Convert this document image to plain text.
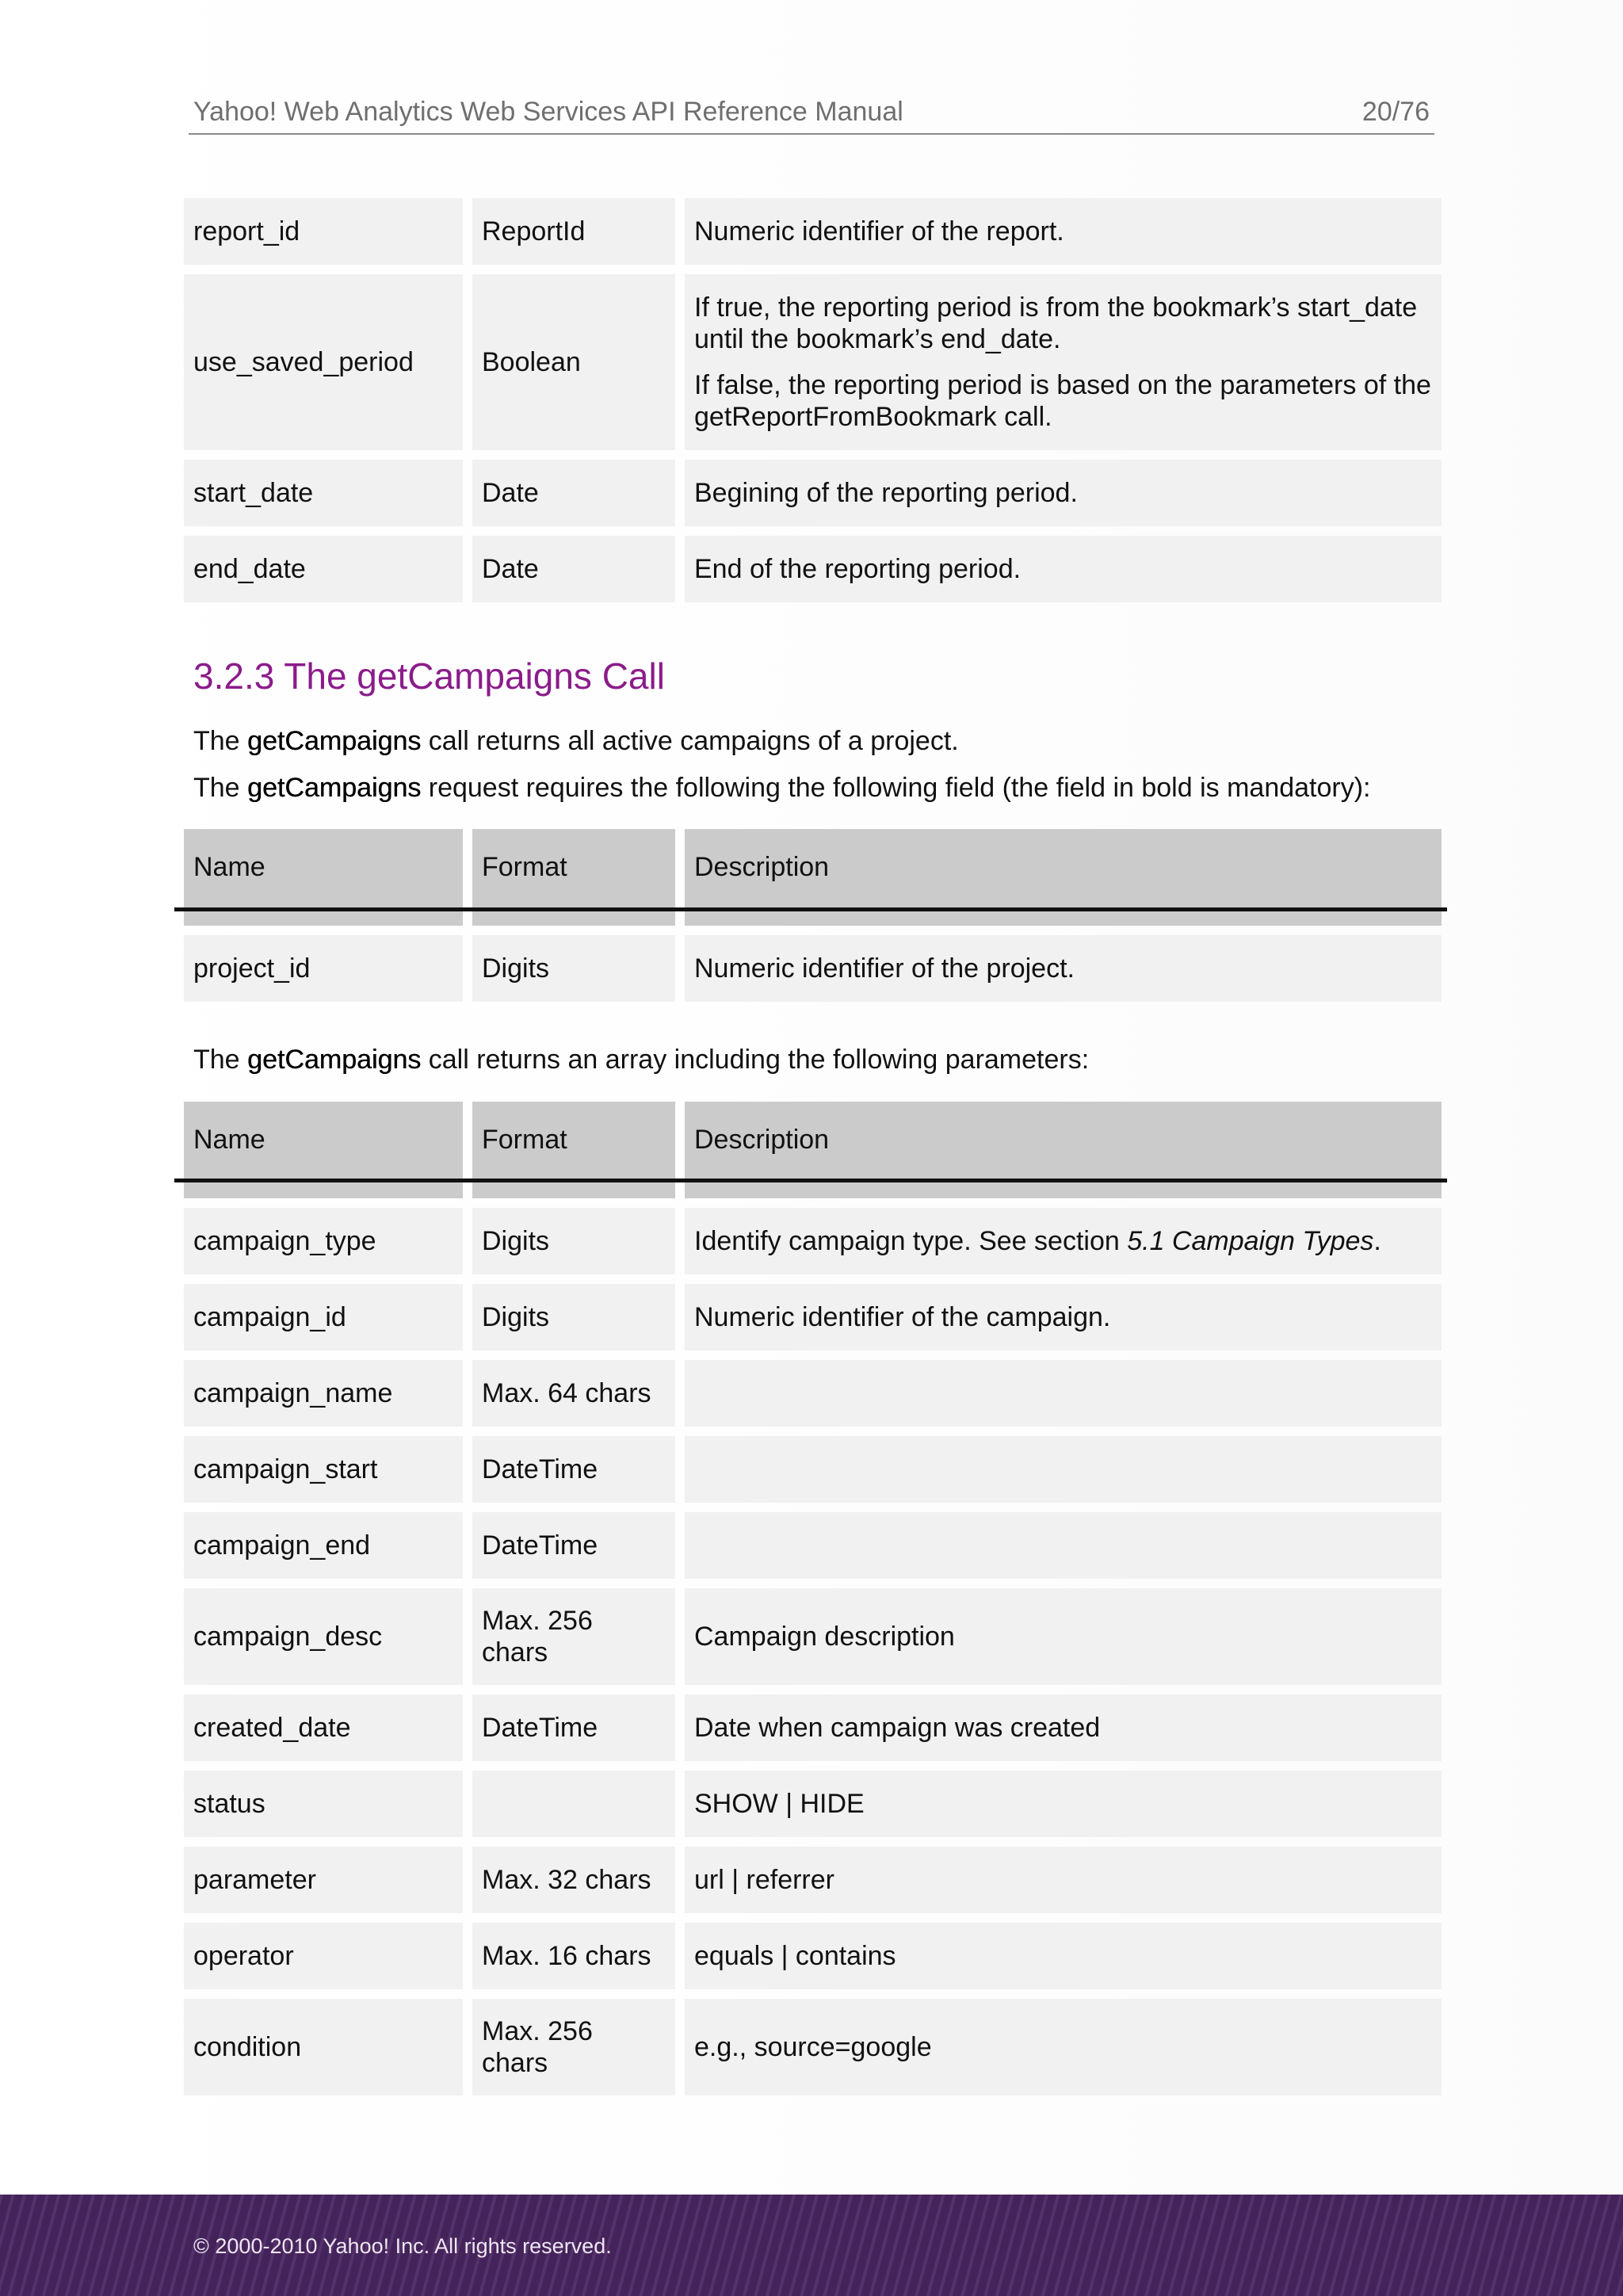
Yahoo! Web Analytics Web Services API Reference Manual	20/76
report_id	ReportId	Numeric identifier of the report.

use_saved_period	Boolean	If true, the reporting period is from the bookmark’s start_date until the bookmark’s end_date.

If false, the reporting period is based on the parameters of the getReportFromBookmark call.

start_date	Date	Begining of the reporting period.

end_date	Date	End of the reporting period.

3.2.3 The getCampaigns Call
The getCampaigns call returns all active campaigns of a project.
The getCampaigns request requires the following the following field (the field in bold is mandatory):
Name	Format	Description
project_id	Digits	Numeric identifier of the project.
The getCampaigns call returns an array including the following parameters:
Name	Format	Description
campaign_type	Digits	Identify campaign type. See section 5.1 Campaign Types.
campaign_id	Digits	Numeric identifier of the campaign.
campaign_name	Max. 64 chars	
campaign_start	DateTime	
campaign_end	DateTime	
campaign_desc	Max. 256 chars	Campaign description
created_date	DateTime	Date when campaign was created
status		SHOW | HIDE
parameter	Max. 32 chars	url | referrer
operator	Max. 16 chars	equals | contains
condition	Max. 256 chars	e.g., source=google
© 2000-2010 Yahoo! Inc. All rights reserved.
